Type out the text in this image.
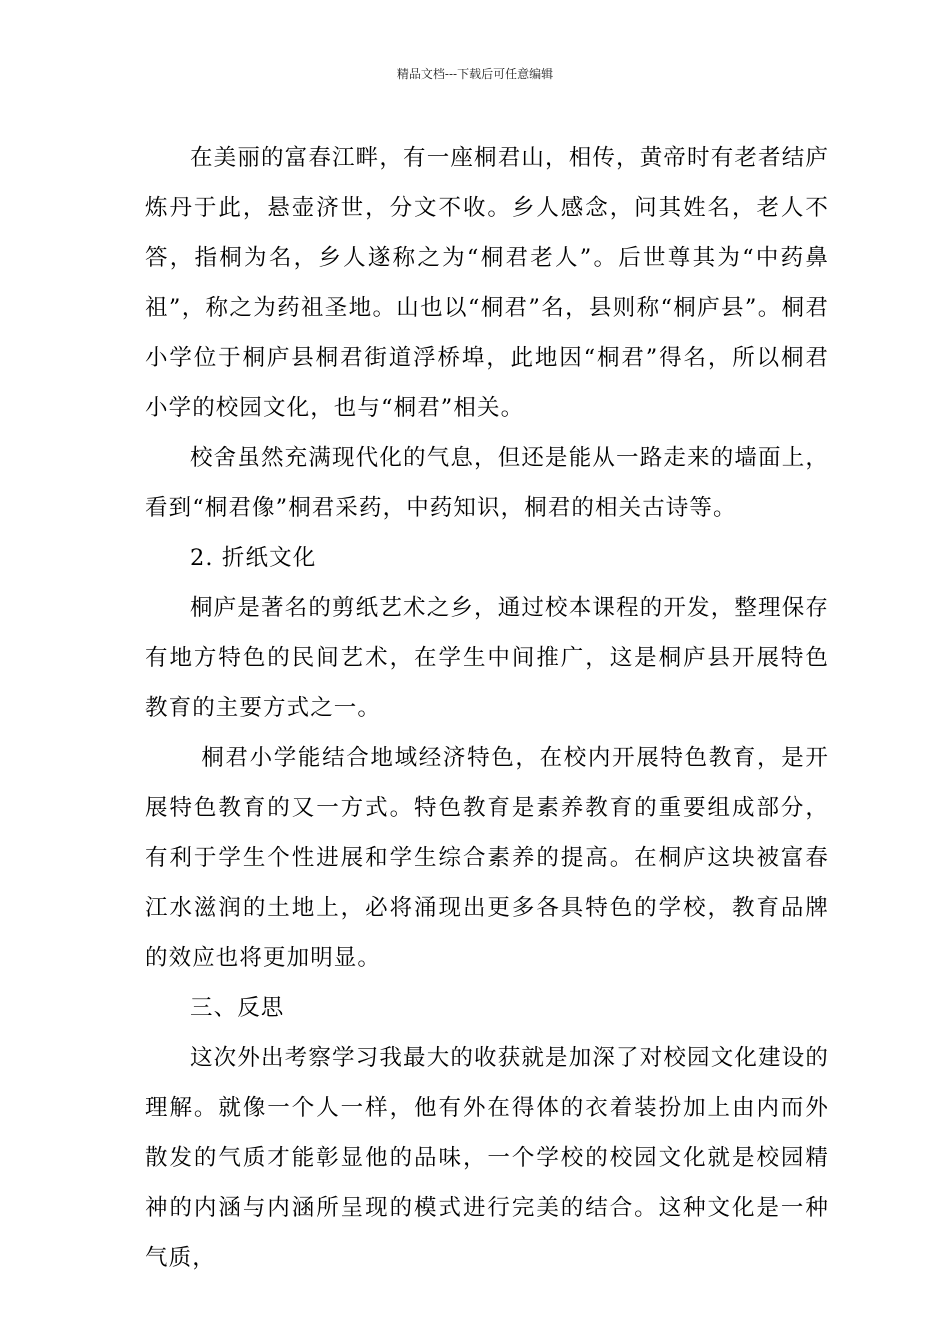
精品文档---下载后可任意编辑

在美丽的富春江畔，有一座桐君山，相传，黄帝时有老者结庐炼丹于此，悬壶济世，分文不收。乡人感念，问其姓名，老人不答，指桐为名，乡人遂称之为“桐君老人”。后世尊其为“中药鼻祖”，称之为药祖圣地。山也以“桐君”名，县则称“桐庐县”。桐君小学位于桐庐县桐君街道浮桥埠，此地因“桐君”得名，所以桐君小学的校园文化，也与“桐君”相关。

校舍虽然充满现代化的气息，但还是能从一路走来的墙面上，看到“桐君像”桐君采药，中药知识，桐君的相关古诗等。

2. 折纸文化

桐庐是著名的剪纸艺术之乡，通过校本课程的开发，整理保存有地方特色的民间艺术，在学生中间推广，这是桐庐县开展特色教育的主要方式之一。

桐君小学能结合地域经济特色，在校内开展特色教育，是开展特色教育的又一方式。特色教育是素养教育的重要组成部分，有利于学生个性进展和学生综合素养的提高。在桐庐这块被富春江水滋润的土地上，必将涌现出更多各具特色的学校，教育品牌的效应也将更加明显。

三、反思

这次外出考察学习我最大的收获就是加深了对校园文化建设的理解。就像一个人一样，他有外在得体的衣着装扮加上由内而外散发的气质才能彰显他的品味，一个学校的校园文化就是校园精神的内涵与内涵所呈现的模式进行完美的结合。这种文化是一种气质，
